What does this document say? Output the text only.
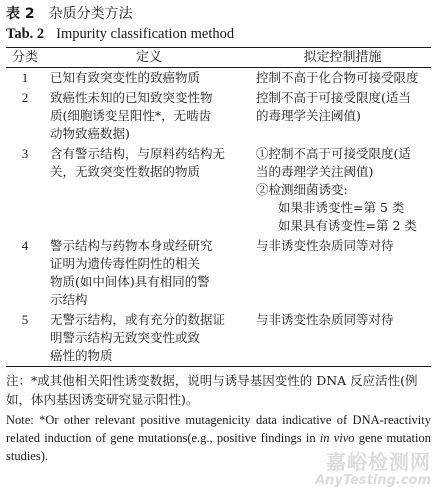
表 2 杂质分类方法
Tab. 2 Impurity classification method
分类	定义	拟定控制措施
1	已知有致突变性的致癌物质	控制不高于化合物可接受限度

2	致癌性未知的已知致突变性物
质(细胞诱变呈阳性*，无啮齿
动物致癌数据)	控制不高于可接受限度(适当
的毒理学关注阈值)

3	含有警示结构，与原料药结构无
关，无致突变性数据的物质	①控制不高于可接受限度(适
当的毒理学关注阈值)
②检测细菌诱变:
如果非诱变性=第 5 类
如果具有诱变性=第 2 类

4	警示结构与药物本身或经研究
证明为遗传毒性阴性的相关
物质(如中间体)具有相同的警
示结构	与非诱变性杂质同等对待

5	无警示结构，或有充分的数据证
明警示结构无致突变性或致
癌性的物质	与非诱变性杂质同等对待
注：*或其他相关阳性诱变数据，说明与诱导基因变性的 DNA 反应活性(例如，体内基因诱变研究显示阳性)。
Note: *Or other relevant positive mutagenicity data indicative of DNA-reactivity related induction of gene mutations(e.g., positive findings in in vivo gene mutation studies).	嘉峪检测网
AnyTesting.com
